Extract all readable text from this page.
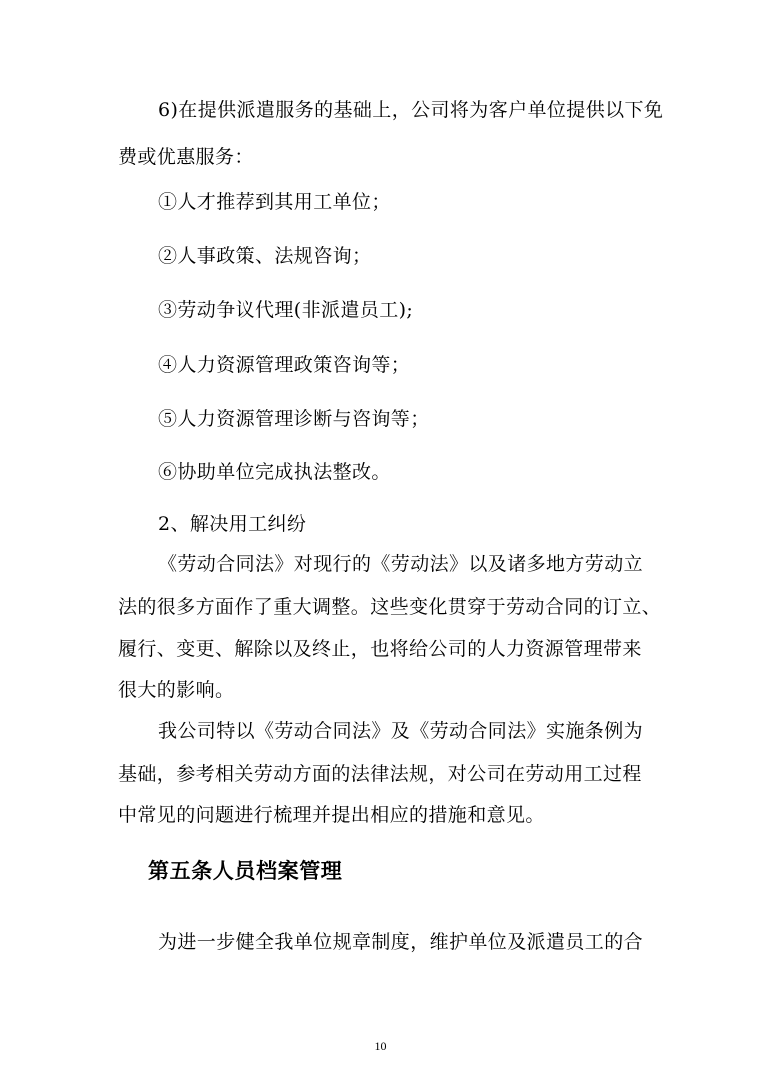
6)在提供派遣服务的基础上，公司将为客户单位提供以下免
费或优惠服务：
①人才推荐到其用工单位；
②人事政策、法规咨询；
③劳动争议代理(非派遣员工);
④人力资源管理政策咨询等；
⑤人力资源管理诊断与咨询等；
⑥协助单位完成执法整改。
2、解决用工纠纷
《劳动合同法》对现行的《劳动法》以及诸多地方劳动立
法的很多方面作了重大调整。这些变化贯穿于劳动合同的订立、
履行、变更、解除以及终止，也将给公司的人力资源管理带来
很大的影响。
我公司特以《劳动合同法》及《劳动合同法》实施条例为
基础，参考相关劳动方面的法律法规，对公司在劳动用工过程
中常见的问题进行梳理并提出相应的措施和意见。
第五条人员档案管理
为进一步健全我单位规章制度，维护单位及派遣员工的合
10
